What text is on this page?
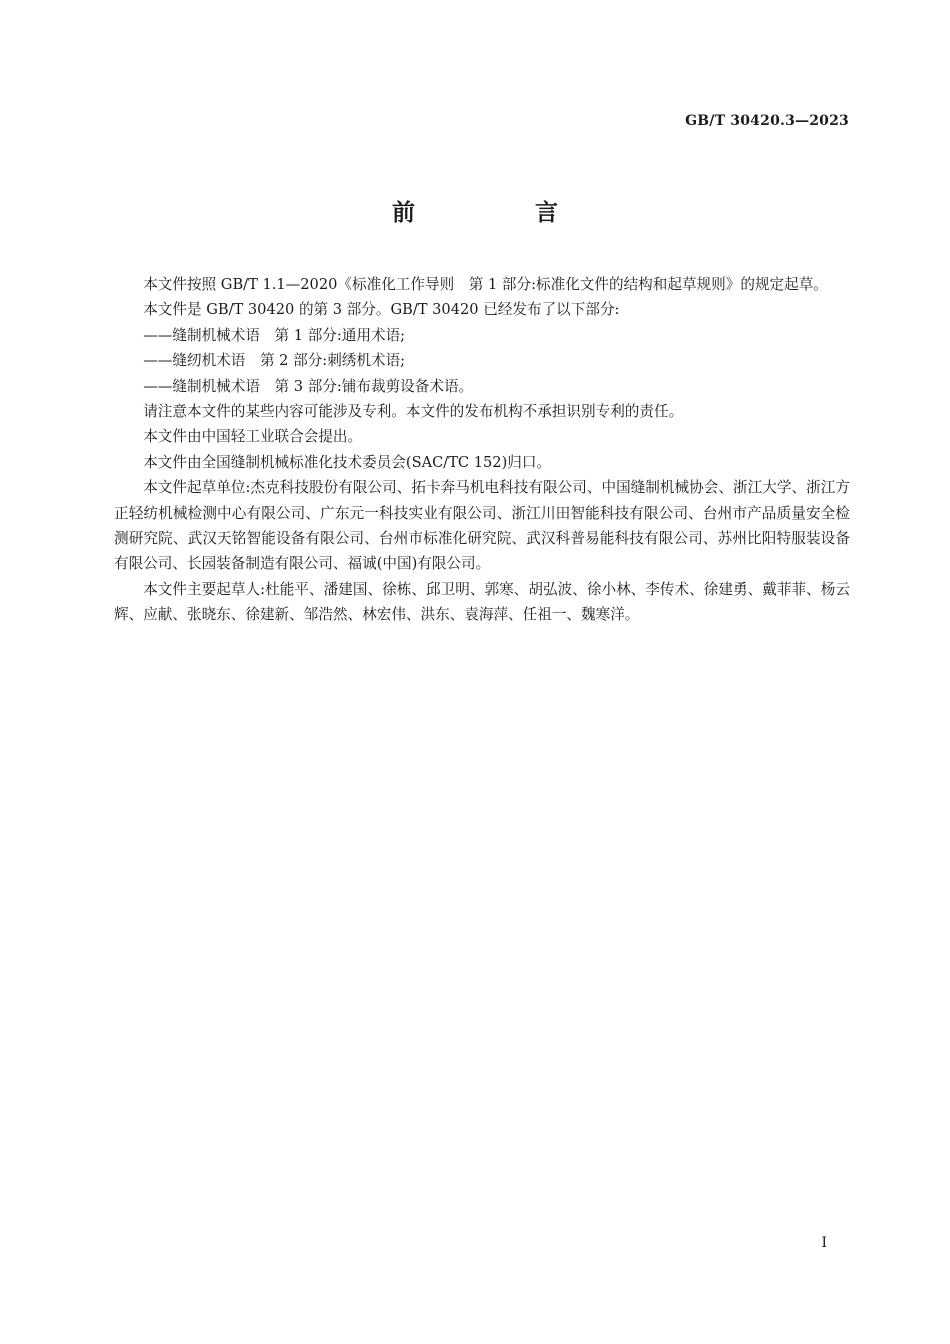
GB/T 30420.3—2023
前 言

本文件按照 GB/T 1.1—2020《标准化工作导则　第 1 部分:标准化文件的结构和起草规则》的规定起草。

本文件是 GB/T 30420 的第 3 部分。GB/T 30420 已经发布了以下部分:

——缝制机械术语　第 1 部分:通用术语;

——缝纫机术语　第 2 部分:刺绣机术语;

——缝制机械术语　第 3 部分:铺布裁剪设备术语。

请注意本文件的某些内容可能涉及专利。本文件的发布机构不承担识别专利的责任。

本文件由中国轻工业联合会提出。

本文件由全国缝制机械标准化技术委员会(SAC/TC 152)归口。

本文件起草单位:杰克科技股份有限公司、拓卡奔马机电科技有限公司、中国缝制机械协会、浙江大学、浙江方正轻纺机械检测中心有限公司、广东元一科技实业有限公司、浙江川田智能科技有限公司、台州市产品质量安全检测研究院、武汉天铭智能设备有限公司、台州市标准化研究院、武汉科普易能科技有限公司、苏州比阳特服装设备有限公司、长园装备制造有限公司、福诚(中国)有限公司。

本文件主要起草人:杜能平、潘建国、徐栋、邱卫明、郭寒、胡弘波、徐小林、李传术、徐建勇、戴菲菲、杨云辉、应献、张晓东、徐建新、邹浩然、林宏伟、洪东、袁海萍、任祖一、魏寒洋。

I
